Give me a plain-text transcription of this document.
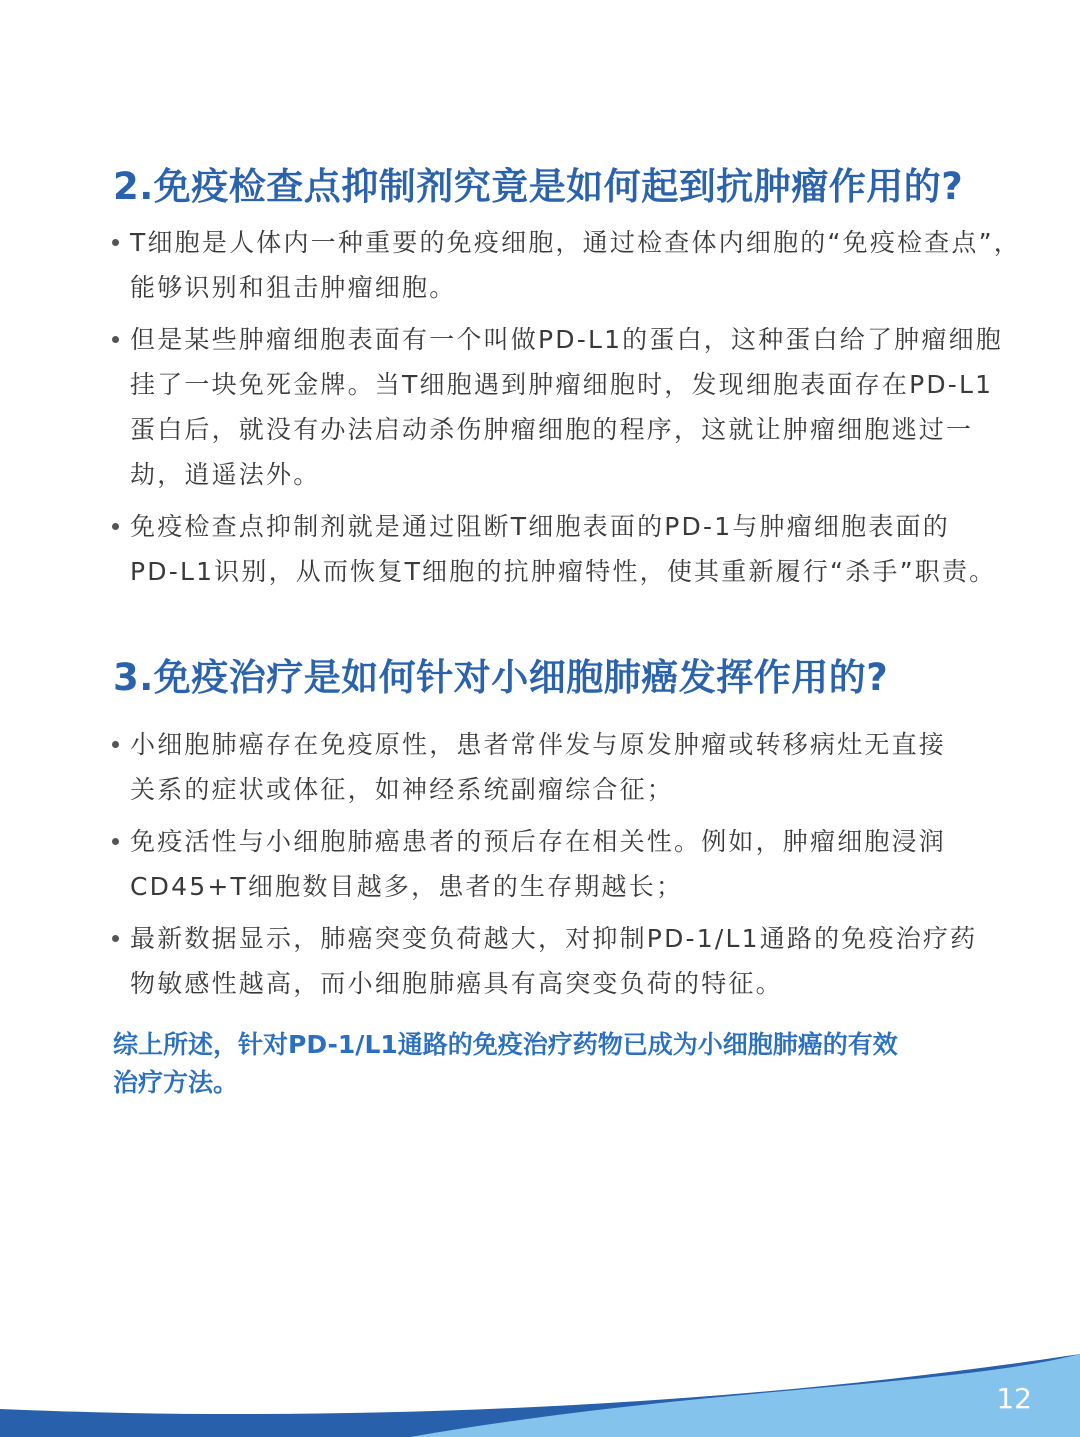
2.免疫检查点抑制剂究竟是如何起到抗肿瘤作用的?
T细胞是人体内一种重要的免疫细胞，通过检查体内细胞的“免疫检查点”，
能够识别和狙击肿瘤细胞。
但是某些肿瘤细胞表面有一个叫做PD-L1的蛋白，这种蛋白给了肿瘤细胞
挂了一块免死金牌。当T细胞遇到肿瘤细胞时，发现细胞表面存在PD-L1
蛋白后，就没有办法启动杀伤肿瘤细胞的程序，这就让肿瘤细胞逃过一
劫，逍遥法外。
免疫检查点抑制剂就是通过阻断T细胞表面的PD-1与肿瘤细胞表面的
PD-L1识别，从而恢复T细胞的抗肿瘤特性，使其重新履行“杀手”职责。
3.免疫治疗是如何针对小细胞肺癌发挥作用的?
小细胞肺癌存在免疫原性，患者常伴发与原发肿瘤或转移病灶无直接
关系的症状或体征，如神经系统副瘤综合征；
免疫活性与小细胞肺癌患者的预后存在相关性。例如，肿瘤细胞浸润
CD45+T细胞数目越多，患者的生存期越长；
最新数据显示，肺癌突变负荷越大，对抑制PD-1/L1通路的免疫治疗药
物敏感性越高，而小细胞肺癌具有高突变负荷的特征。
综上所述，针对PD-1/L1通路的免疫治疗药物已成为小细胞肺癌的有效
治疗方法。
12
